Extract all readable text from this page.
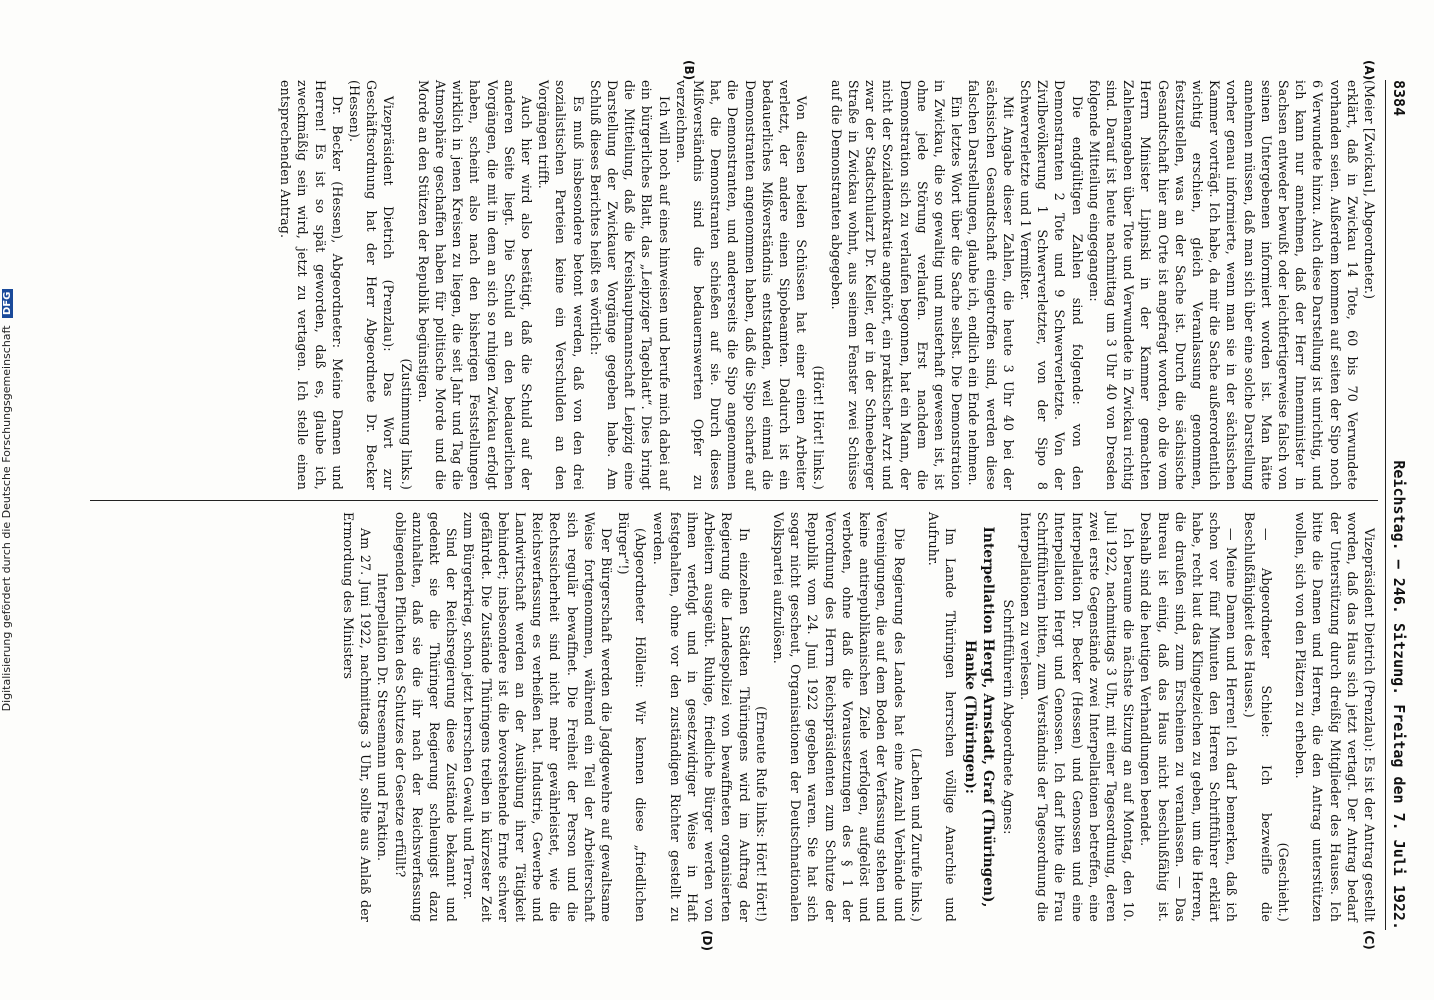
8384
Reichstag. — 246. Sitzung. Freitag den 7. Juli 1922.
(A)
(B)
(C)
(D)

(Meier [Zwickau], Abgeordneter.)

erklärt, daß in Zwickau 14 Tote, 60 bis 70 Verwundete vorhanden seien. Außerdem kommen auf seiten der Sipo noch 6 Verwundete hinzu. Auch diese Darstellung ist unrichtig, und ich kann nur annehmen, daß der Herr Innenminister in Sachsen entweder bewußt oder leichtfertigerweise falsch von seinen Untergebenen informiert worden ist. Man hätte annehmen müssen, daß man sich über eine solche Darstellung vorher genau informierte, wenn man sie in der sächsischen Kammer vorträgt. Ich habe, da mir die Sache außerordentlich wichtig erschien, gleich Veranlassung genommen, festzustellen, was an der Sache ist. Durch die sächsische Gesandtschaft hier am Orte ist angefragt worden, ob die vom Herrn Minister Lipinski in der Kammer gemachten Zahlenangaben über Tote und Verwundete in Zwickau richtig sind. Darauf ist heute nachmittag um 3 Uhr 40 von Dresden folgende Mitteilung eingegangen:

Die endgültigen Zahlen sind folgende: von den Demonstranten 2 Tote und 9 Schwerverletzte. Von der Zivilbevölkerung 1 Schwerverletzter, von der Sipo 8 Schwerverletzte und 1 Vermißter.

Mit Angabe dieser Zahlen, die heute 3 Uhr 40 bei der sächsischen Gesandtschaft eingetroffen sind, werden diese falschen Darstellungen, glaube ich, endlich ein Ende nehmen.

Ein letztes Wort über die Sache selbst. Die Demonstration in Zwickau, die so gewaltig und musterhaft gewesen ist, ist ohne jede Störung verlaufen. Erst nachdem die Demonstration sich zu verlaufen begonnen, hat ein Mann, der nicht der Sozialdemokratie angehört, ein praktischer Arzt und zwar der Stadtschularzt Dr. Keller, der in der Schneeberger Straße in Zwickau wohnt, aus seinem Fenster zwei Schüsse auf die Demonstranten abgegeben.

(Hört! Hört! links.)

Von diesen beiden Schüssen hat einer einen Arbeiter verletzt, der andere einen Sipobeamten. Dadurch ist ein bedauerliches Mißverständnis entstanden, weil einmal die Demonstranten angenommen haben, daß die Sipo scharfe auf die Demonstranten, und andererseits die Sipo angenommen hat, die Demonstranten schießen auf sie. Durch dieses Mißverständnis sind die bedauernswerten Opfer zu verzeichnen.

Ich will noch auf eines hinweisen und berufe mich dabei auf ein bürgerliches Blatt, das „Leipziger Tageblatt“. Dies bringt die Mitteilung, daß die Kreishauptmannschaft Leipzig eine Darstellung der Zwickauer Vorgänge gegeben habe. Am Schluß dieses Berichtes heißt es wörtlich:

Es muß insbesondere betont werden, daß von den drei sozialistischen Parteien keine ein Verschulden an den Vorgängen trifft.

Auch hier wird also bestätigt, daß die Schuld auf der anderen Seite liegt. Die Schuld an den bedauerlichen Vorgängen, die mit in dem an sich so ruhigen Zwickau erfolgt haben, scheint also nach den bisherigen Feststellungen wirklich in jenen Kreisen zu liegen, die seit Jahr und Tag die Atmosphäre geschaffen haben für politische Morde und die Morde an den Stützen der Republik begünstigen.

(Zustimmung links.)

Vizepräsident Dietrich (Prenzlau): Das Wort zur Geschäftsordnung hat der Herr Abgeordnete Dr. Becker (Hessen).

Dr. Becker (Hessen), Abgeordneter: Meine Damen und Herren! Es ist so spät geworden, daß es, glaube ich, zweckmäßig sein wird, jetzt zu vertagen. Ich stelle einen entsprechenden Antrag.

Vizepräsident Dietrich (Prenzlau): Es ist der Antrag gestellt worden, daß das Haus sich jetzt vertagt. Der Antrag bedarf der Unterstützung durch dreißig Mitglieder des Hauses. Ich bitte die Damen und Herren, die den Antrag unterstützen wollen, sich von den Plätzen zu erheben.

(Geschieht.)

— Abgeordneter Schiele: Ich bezweifle die Beschlußfähigkeit des Hauses.)

— Meine Damen und Herren! Ich darf bemerken, daß ich schon vor fünf Minuten den Herren Schriftführer erklärt habe, recht laut das Klingelzeichen zu geben, um die Herren, die draußen sind, zum Erscheinen zu veranlassen. — Das Bureau ist einig, daß das Haus nicht beschlußfähig ist. Deshalb sind die heutigen Verhandlungen beendet.

Ich beraume die nächste Sitzung an auf Montag, den 10. Juli 1922, nachmittags 3 Uhr, mit einer Tagesordnung, deren zwei erste Gegenstände zwei Interpellationen betreffen, eine Interpellation Dr. Becker (Hessen) und Genossen und eine Interpellation Hergt und Genossen. Ich darf bitte die Frau Schriftführerin bitten, zum Verständnis der Tagesordnung die Interpellationen zu verlesen.

Schriftführerin Abgeordnete Agnes:

Interpellation Hergt, Arnstadt, Graf (Thüringen), Hanke (Thüringen):

Im Lande Thüringen herrschen völlige Anarchie und Aufruhr.

(Lachen und Zurufe links.)

Die Regierung des Landes hat eine Anzahl Verbände und Vereinigungen, die auf dem Boden der Verfassung stehen und keine antirepublikanischen Ziele verfolgen, aufgelöst und verboten, ohne daß die Voraussetzungen des § 1 der Verordnung des Herrn Reichspräsidenten zum Schutze der Republik vom 24. Juni 1922 gegeben waren. Sie hat sich sogar nicht gescheut, Organisationen der Deutschnationalen Volkspartei aufzulösen.

(Erneute Rufe links: Hört! Hört!)

In einzelnen Städten Thüringens wird im Auftrag der Regierung die Landespolizei von bewaffneten organisierten Arbeitern ausgeübt. Ruhige, friedliche Bürger werden von ihnen verfolgt und in gesetzwidriger Weise in Haft festgehalten, ohne vor den zuständigen Richter gestellt zu werden.

(Abgeordneter Höllein: Wir kennen diese „friedlichen Bürger“!)

Der Bürgerschaft werden die Jagdgewehre auf gewaltsame Weise fortgenommen, während ein Teil der Arbeiterschaft sich regulär bewaffnet. Die Freiheit der Person und die Rechtssicherheit sind nicht mehr gewährleistet, wie die Reichsverfassung es verheißen hat. Industrie, Gewerbe und Landwirtschaft werden an der Ausübung ihrer Tätigkeit behindert; insbesondere ist die bevorstehende Ernte schwer gefährdet. Die Zustände Thüringens treiben in kürzester Zeit zum Bürgerkrieg, schon jetzt herrschen Gewalt und Terror.

Sind der Reichsregierung diese Zustände bekannt und gedenkt sie die Thüringer Regierung schleunigst dazu anzuhalten, daß sie die ihr nach der Reichsverfassung obliegenden Pflichten des Schutzes der Gesetze erfüllt?

Interpellation Dr. Stresemann und Fraktion.

Am 27. Juni 1922, nachmittags 3 Uhr, sollte aus Anlaß der Ermordung des Ministers

Digitalisierung gefördert durch die Deutsche Forschungsgemeinschaft DFG
